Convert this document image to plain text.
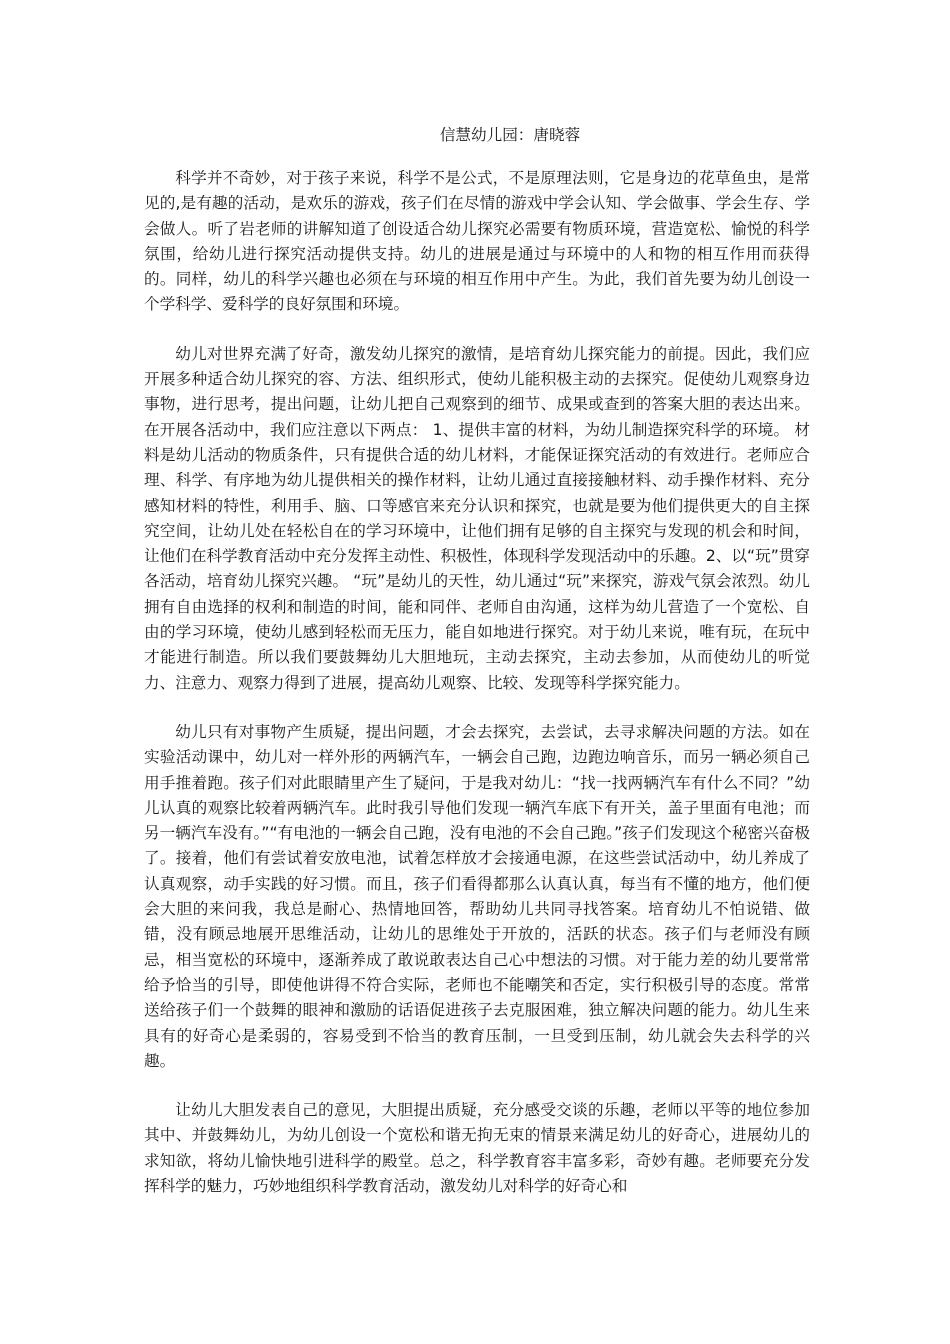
信慧幼儿园：唐晓蓉

科学并不奇妙，对于孩子来说，科学不是公式，不是原理法则，它是身边的花草鱼虫，是常见的,是有趣的活动，是欢乐的游戏，孩子们在尽情的游戏中学会认知、学会做事、学会生存、学会做人。听了岩老师的讲解知道了创设适合幼儿探究必需要有物质环境，营造宽松、愉悦的科学氛围，给幼儿进行探究活动提供支持。幼儿的进展是通过与环境中的人和物的相互作用而获得的。同样，幼儿的科学兴趣也必须在与环境的相互作用中产生。为此，我们首先要为幼儿创设一个学科学、爱科学的良好氛围和环境。

幼儿对世界充满了好奇，激发幼儿探究的激情，是培育幼儿探究能力的前提。因此，我们应开展多种适合幼儿探究的容、方法、组织形式，使幼儿能积极主动的去探究。促使幼儿观察身边事物，进行思考，提出问题，让幼儿把自己观察到的细节、成果或查到的答案大胆的表达出来。在开展各活动中，我们应注意以下两点： 1、提供丰富的材料，为幼儿制造探究科学的环境。 材料是幼儿活动的物质条件，只有提供合适的幼儿材料，才能保证探究活动的有效进行。老师应合理、科学、有序地为幼儿提供相关的操作材料，让幼儿通过直接接触材料、动手操作材料、充分感知材料的特性，利用手、脑、口等感官来充分认识和探究，也就是要为他们提供更大的自主探究空间，让幼儿处在轻松自在的学习环境中，让他们拥有足够的自主探究与发现的机会和时间，让他们在科学教育活动中充分发挥主动性、积极性，体现科学发现活动中的乐趣。2、以“玩”贯穿各活动，培育幼儿探究兴趣。 “玩”是幼儿的天性，幼儿通过“玩”来探究，游戏气氛会浓烈。幼儿拥有自由选择的权利和制造的时间，能和同伴、老师自由沟通，这样为幼儿营造了一个宽松、自由的学习环境，使幼儿感到轻松而无压力，能自如地进行探究。对于幼儿来说，唯有玩，在玩中才能进行制造。所以我们要鼓舞幼儿大胆地玩，主动去探究，主动去参加，从而使幼儿的听觉力、注意力、观察力得到了进展，提高幼儿观察、比较、发现等科学探究能力。

幼儿只有对事物产生质疑，提出问题，才会去探究，去尝试，去寻求解决问题的方法。如在实验活动课中，幼儿对一样外形的两辆汽车，一辆会自己跑，边跑边响音乐，而另一辆必须自己用手推着跑。孩子们对此眼睛里产生了疑问，于是我对幼儿：“找一找两辆汽车有什么不同？”幼儿认真的观察比较着两辆汽车。此时我引导他们发现一辆汽车底下有开关，盖子里面有电池；而另一辆汽车没有。”“有电池的一辆会自己跑，没有电池的不会自己跑。”孩子们发现这个秘密兴奋极了。接着，他们有尝试着安放电池，试着怎样放才会接通电源，在这些尝试活动中，幼儿养成了认真观察，动手实践的好习惯。而且，孩子们看得都那么认真认真，每当有不懂的地方，他们便会大胆的来问我，我总是耐心、热情地回答，帮助幼儿共同寻找答案。培育幼儿不怕说错、做错，没有顾忌地展开思维活动，让幼儿的思维处于开放的，活跃的状态。孩子们与老师没有顾忌，相当宽松的环境中，逐渐养成了敢说敢表达自己心中想法的习惯。对于能力差的幼儿要常常给予恰当的引导，即使他讲得不符合实际，老师也不能嘲笑和否定，实行积极引导的态度。常常送给孩子们一个鼓舞的眼神和激励的话语促进孩子去克服困难，独立解决问题的能力。幼儿生来具有的好奇心是柔弱的，容易受到不恰当的教育压制，一旦受到压制，幼儿就会失去科学的兴趣。

让幼儿大胆发表自己的意见，大胆提出质疑，充分感受交谈的乐趣，老师以平等的地位参加其中、并鼓舞幼儿，为幼儿创设一个宽松和谐无拘无束的情景来满足幼儿的好奇心，进展幼儿的求知欲，将幼儿愉快地引进科学的殿堂。总之，科学教育容丰富多彩，奇妙有趣。老师要充分发挥科学的魅力，巧妙地组织科学教育活动，激发幼儿对科学的好奇心和
